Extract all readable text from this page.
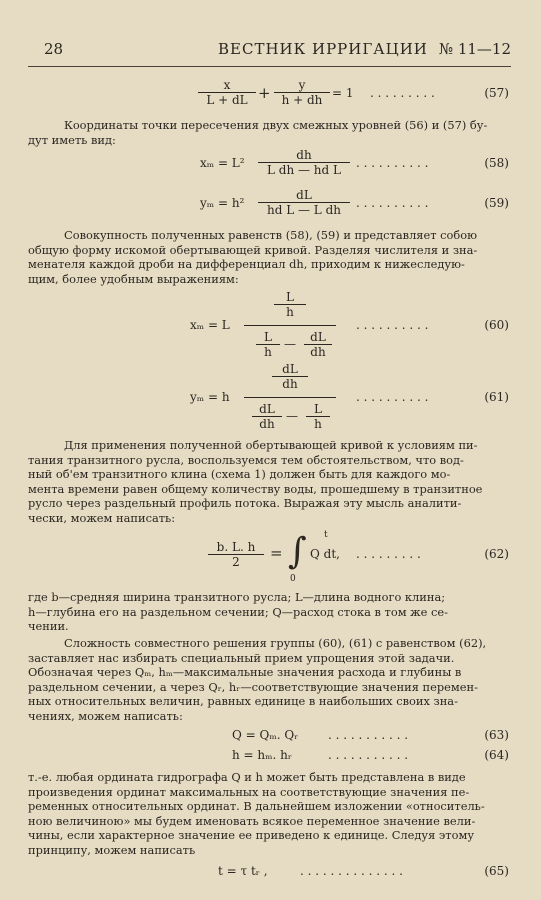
28	ВЕСТНИК ИРРИГАЦИИ № 11—12
$\frac{x}{L + dL} + \frac{y}{h + dh} = 1$ . . . . . . . . .	(57)
Координаты точки пересечения двух смежных уровней (56) и (57) бу-
дут иметь вид:
$x_m = L^2 \frac{dh}{\text{L dh — hd L}}$ . . . . . . . . . .	(58)
$y_m = h^2 \frac{dL}{\text{hd L — L dh}}$ . . . . . . . . . .	(59)
Совокупность полученных равенств (58), (59) и представляет собою
общую форму искомой обертывающей кривой. Разделяя числителя и зна-
менателя каждой дроби на дифференциал dh, приходим к нижеследую-
щим, более удобным выражениям:
xₘ = L
$\frac{L}{h}$
$\frac{L}{h}$ — $\frac{dL}{dh}$
. . . . . . . . . .	(60)
yₘ = h
$\frac{dL}{dh}$
$\frac{dL}{dh}$ — $\frac{L}{h}$
. . . . . . . . . .	(61)
Для применения полученной обертывающей кривой к условиям пи-
тания транзитного русла, воспользуемся тем обстоятельством, что вод-
ный об'ем транзитного клина (схема 1) должен быть для каждого мо-
мента времени равен общему количеству воды, прошедшему в транзитное
русло через раздельный профиль потока. Выражая эту мысль аналити-
чески, можем написать:
$\frac{b. L. h}{2}$ =
t
∫
0
Q dt, . . . . . . . . .	(62)
где b—средняя ширина транзитного русла; L—длина водного клина;
h—глубина его на раздельном сечении; Q—расход стока в том же се-
чении.
Сложность совместного решения группы (60), (61) с равенством (62),
заставляет нас избирать специальный прием упрощения этой задачи.
Обозначая через Qₘ, hₘ—максимальные значения расхода и глубины в
раздельном сечении, а через Qᵣ, hᵣ—соответствующие значения перемен-
ных относительных величин, равных единице в наибольших своих зна-
чениях, можем написать:
Q = Qₘ. Qᵣ . . . . . . . . . . .	(63)
h = hₘ. hᵣ	. . . . . . . . . . .	(64)
т.-е. любая ордината гидрографа Q и h может быть представлена в виде
произведения ординат максимальных на соответствующие значения пе-
ременных относительных ординат. В дальнейшем изложении «относитель-
ною величиною» мы будем именовать всякое переменное значение вели-
чины, если характерное значение ее приведено к единице. Следуя этому
принципу, можем написать
t = τ tᵣ ,	. . . . . . . . . . . . . .	(65)
